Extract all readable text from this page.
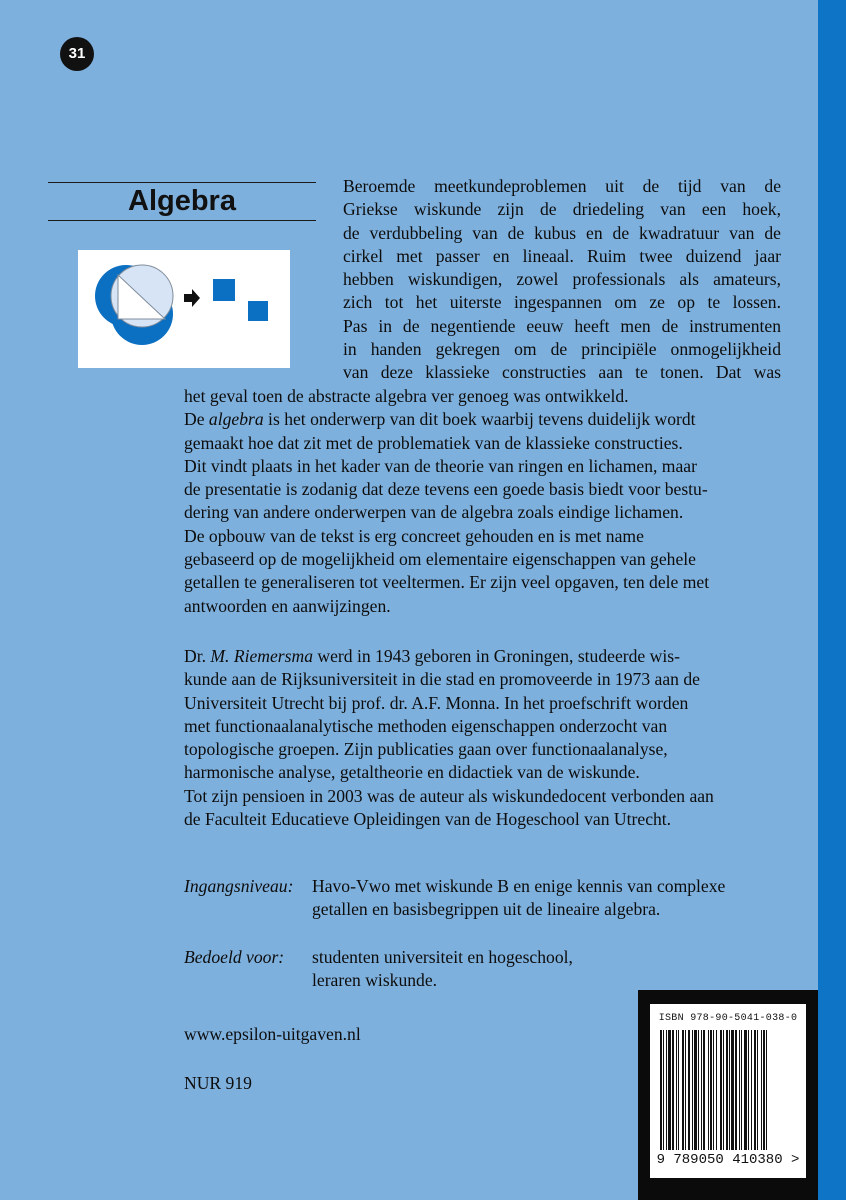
31
Algebra	Beroemde meetkundeproblemen uit de tijd van de
Griekse wiskunde zijn de driedeling van een hoek,
de verdubbeling van de kubus en de kwadratuur van de
cirkel met passer en lineaal. Ruim twee duizend jaar
hebben wiskundigen, zowel professionals als amateurs,
zich tot het uiterste ingespannen om ze op te lossen.
Pas in de negentiende eeuw heeft men de instrumenten
in handen gekregen om de principiële onmogelijkheid
van deze klassieke constructies aan te tonen. Dat was
het geval toen de abstracte algebra ver genoeg was ontwikkeld.
De algebra is het onderwerp van dit boek waarbij tevens duidelijk wordt
gemaakt hoe dat zit met de problematiek van de klassieke constructies.
Dit vindt plaats in het kader van de theorie van ringen en lichamen, maar
de presentatie is zodanig dat deze tevens een goede basis biedt voor bestu-
dering van andere onderwerpen van de algebra zoals eindige lichamen.
De opbouw van de tekst is erg concreet gehouden en is met name
gebaseerd op de mogelijkheid om elementaire eigenschappen van gehele
getallen te generaliseren tot veeltermen. Er zijn veel opgaven, ten dele met
antwoorden en aanwijzingen.
Dr. M. Riemersma werd in 1943 geboren in Groningen, studeerde wis-
kunde aan de Rijksuniversiteit in die stad en promoveerde in 1973 aan de
Universiteit Utrecht bij prof. dr. A.F. Monna. In het proefschrift worden
met functionaalanalytische methoden eigenschappen onderzocht van
topologische groepen. Zijn publicaties gaan over functionaalanalyse,
harmonische analyse, getaltheorie en didactiek van de wiskunde.
Tot zijn pensioen in 2003 was de auteur als wiskundedocent verbonden aan
de Faculteit Educatieve Opleidingen van de Hogeschool van Utrecht.
Ingangsniveau: Havo-Vwo met wiskunde B en enige kennis van complexe
getallen en basisbegrippen uit de lineaire algebra.
Bedoeld voor: studenten universiteit en hogeschool,
leraren wiskunde.
www.epsilon-uitgaven.nl
NUR 919
ISBN 978-90-5041-038-0
9 789050 410380 >
